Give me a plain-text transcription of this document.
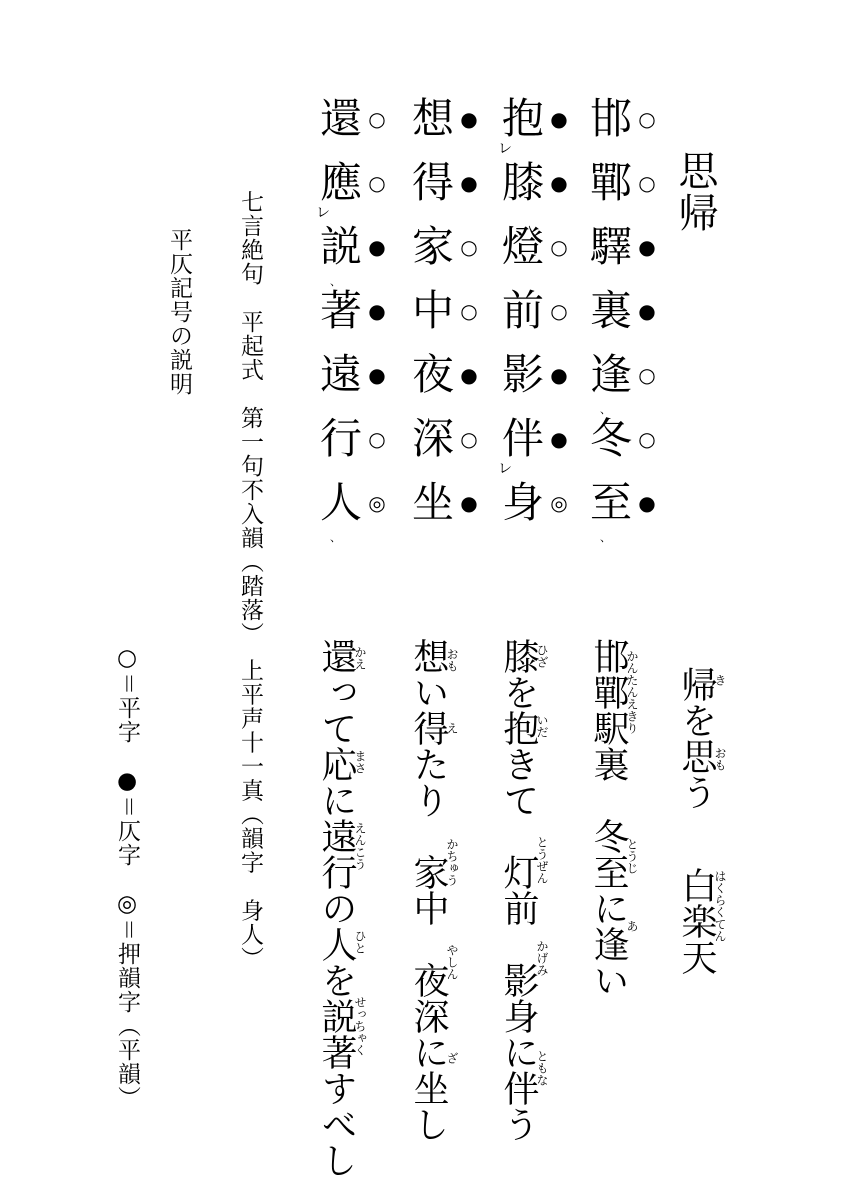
思帰
邯 ○
鄲 ○
驛 ●
裏 ●
逢 ○
、
冬 ○
至 ●
、
抱 ●
レ
膝 ●
燈 ○
前 ○
影 ●
伴 ●
レ
身 ◎
想 ●
得 ●
家 ○
中 ○
夜 ●
深 ○
坐 ●
還 ○
應 ○
レ
説 ●
、
著 ●
遠 ●
行 ○
人 ◎
、
七言絶句　平起式　第一句不入韻（踏落）　上平声十一真（韻字　身人）
平仄記号の説明
○＝平字　●＝仄字　◎＝押韻字（平韻）	帰を思う
き
おも
白楽天
はくらくてん
邯鄲駅裏　冬至に逢い
かんたんえきり
とうじ
あ
膝を抱きて　灯前　影身に伴う
ひざ
いだ
とうぜん
かげみ
ともな
想い得たり　家中　夜深に坐し
おも
え
かちゅう
やしん
ざ
還って応に遠行の人を説著すべし
かえ
まさ
えんこう
ひと
せっちゃく
